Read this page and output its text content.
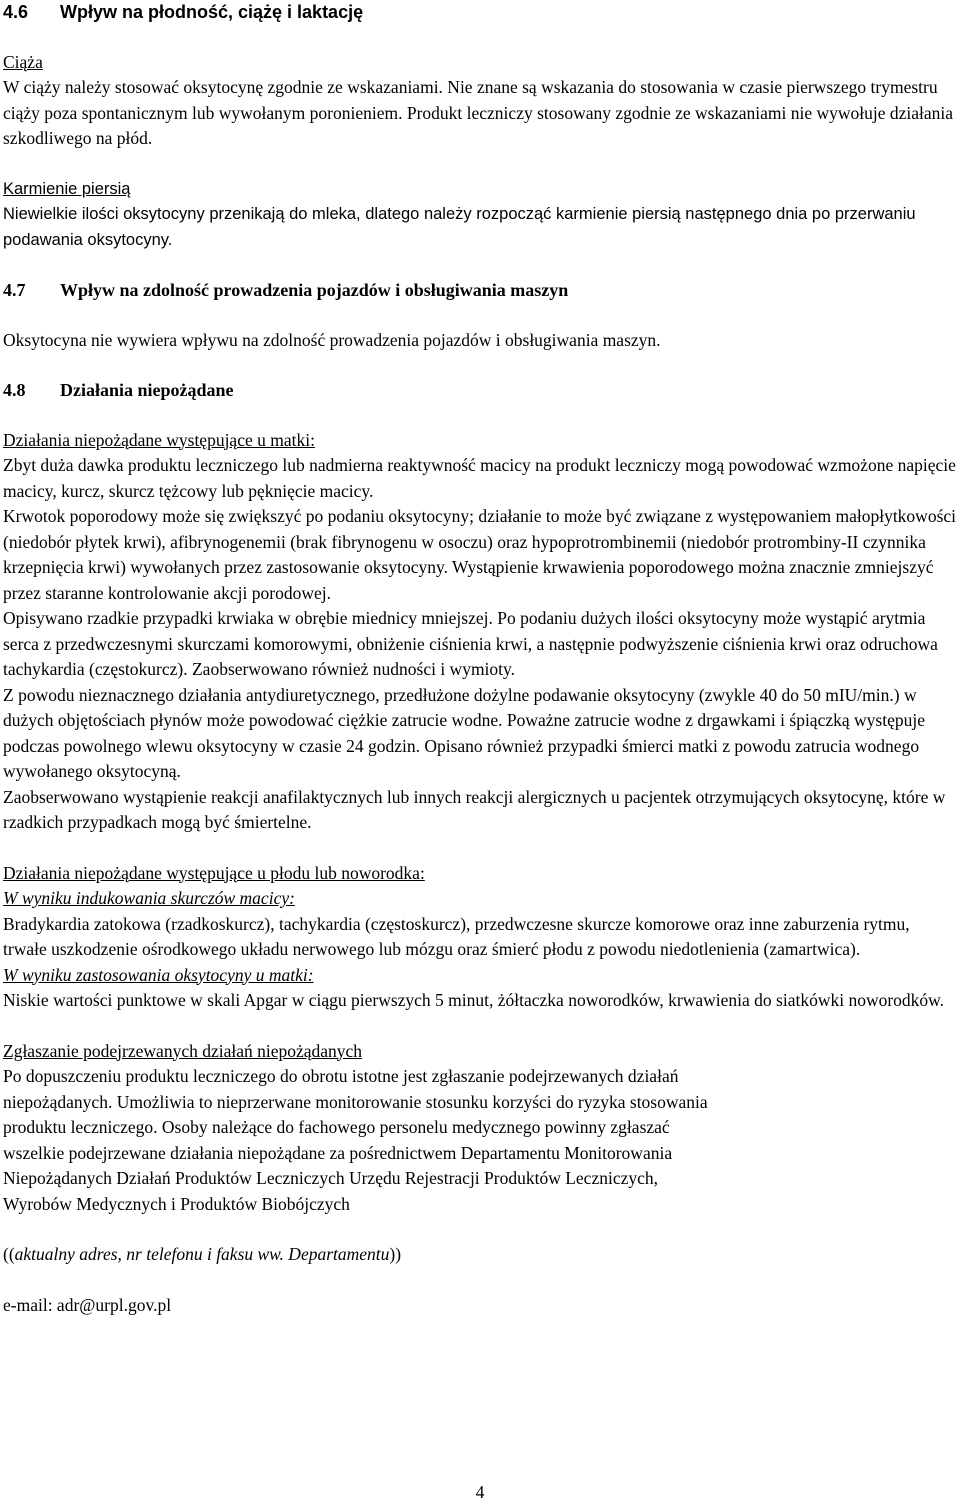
4.6	Wpływ na płodność, ciążę i laktację

Ciąża

W ciąży należy stosować oksytocynę zgodnie ze wskazaniami. Nie znane są wskazania do stosowania w czasie pierwszego trymestru ciąży poza spontanicznym lub wywołanym poronieniem. Produkt leczniczy stosowany zgodnie ze wskazaniami nie wywołuje działania szkodliwego na płód.

Karmienie piersią

Niewielkie ilości oksytocyny przenikają do mleka, dlatego należy rozpocząć karmienie piersią następnego dnia po przerwaniu podawania oksytocyny.

4.7	Wpływ na zdolność prowadzenia pojazdów i obsługiwania maszyn

Oksytocyna nie wywiera wpływu na zdolność prowadzenia pojazdów i obsługiwania maszyn.

4.8	Działania niepożądane

Działania niepożądane występujące u matki:

Zbyt duża dawka produktu leczniczego lub nadmierna reaktywność macicy na produkt leczniczy mogą powodować wzmożone napięcie macicy, kurcz, skurcz tężcowy lub pęknięcie macicy.

Krwotok poporodowy może się zwiększyć po podaniu oksytocyny; działanie to może być związane z występowaniem małopłytkowości (niedobór płytek krwi), afibrynogenemii (brak fibrynogenu w osoczu) oraz hypoprotrombinemii (niedobór protrombiny-II czynnika krzepnięcia krwi) wywołanych przez zastosowanie oksytocyny. Wystąpienie krwawienia poporodowego można znacznie zmniejszyć przez staranne kontrolowanie akcji porodowej.

Opisywano rzadkie przypadki krwiaka w obrębie miednicy mniejszej. Po podaniu dużych ilości oksytocyny może wystąpić arytmia serca z przedwczesnymi skurczami komorowymi, obniżenie ciśnienia krwi, a następnie podwyższenie ciśnienia krwi oraz odruchowa tachykardia (częstokurcz). Zaobserwowano również nudności i wymioty.

Z powodu nieznacznego działania antydiuretycznego, przedłużone dożylne podawanie oksytocyny (zwykle 40 do 50 mIU/min.) w dużych objętościach płynów może powodować ciężkie zatrucie wodne. Poważne zatrucie wodne z drgawkami i śpiączką występuje podczas powolnego wlewu oksytocyny w czasie 24 godzin. Opisano również przypadki śmierci matki z powodu zatrucia wodnego wywołanego oksytocyną.

Zaobserwowano wystąpienie reakcji anafilaktycznych lub innych reakcji alergicznych u pacjentek otrzymujących oksytocynę, które w rzadkich przypadkach mogą być śmiertelne.

Działania niepożądane występujące u płodu lub noworodka:

W wyniku indukowania skurczów macicy:

Bradykardia zatokowa (rzadkoskurcz), tachykardia (częstoskurcz), przedwczesne skurcze komorowe oraz inne zaburzenia rytmu, trwałe uszkodzenie ośrodkowego układu nerwowego lub mózgu oraz śmierć płodu z powodu niedotlenienia (zamartwica).

W wyniku zastosowania oksytocyny u matki:

Niskie wartości punktowe w skali Apgar w ciągu pierwszych 5 minut, żółtaczka noworodków, krwawienia do siatkówki noworodków.

Zgłaszanie podejrzewanych działań niepożądanych

Po dopuszczeniu produktu leczniczego do obrotu istotne jest zgłaszanie podejrzewanych działań

niepożądanych. Umożliwia to nieprzerwane monitorowanie stosunku korzyści do ryzyka stosowania

produktu leczniczego. Osoby należące do fachowego personelu medycznego powinny zgłaszać

wszelkie podejrzewane działania niepożądane za pośrednictwem Departamentu Monitorowania

Niepożądanych Działań Produktów Leczniczych Urzędu Rejestracji Produktów Leczniczych,

Wyrobów Medycznych i Produktów Biobójczych

((aktualny adres, nr telefonu i faksu ww. Departamentu))

e-mail: adr@urpl.gov.pl

4
